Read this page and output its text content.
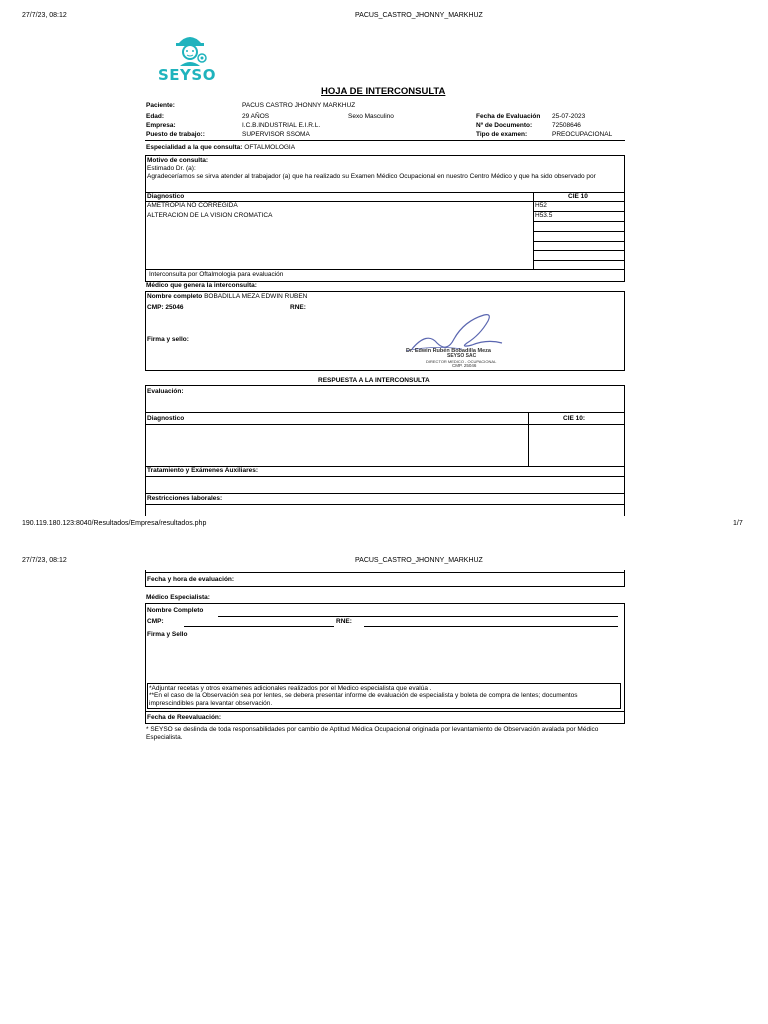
27/7/23, 08:12	PACUS_CASTRO_JHONNY_MARKHUZ
SEYSO
HOJA DE INTERCONSULTA
Paciente:	PACUS CASTRO JHONNY MARKHUZ
Edad:	29 AÑOS	Sexo Masculino	Fecha de Evaluación 25-07-2023
Empresa:	I.C.B.INDUSTRIAL E.I.R.L.	Nº de Documento:	72508646
Puesto de trabajo::	SUPERVISOR SSOMA	Tipo de examen:	PREOCUPACIONAL
Especialidad a la que consulta: OFTALMOLOGIA
Motivo de consulta:
Estimado Dr. (a):
Agradeceríamos se sirva atender al trabajador (a) que ha realizado su Examen Médico Ocupacional en nuestro Centro Médico y que ha sido observado por
Diagnostico	CIE 10
AMETROPIA NO CORREGIDA	H52
ALTERACION DE LA VISION CROMATICA	H53.5
Interconsulta por Oftalmologia para evaluación
Médico que genera la interconsulta:
Nombre completo BOBADILLA MEZA EDWIN RUBEN
CMP: 25046	RNE:
Firma y sello:
Dr. Edwin Rubén Bobadilla Meza
SEYSO SAC
DIRECTOR MEDICO - OCUPACIONAL
CMP. 25046
RESPUESTA A LA INTERCONSULTA
Evaluación:
Diagnostico	CIE 10:
Tratamiento y Exámenes Auxiliares:
Restricciones laborales:
190.119.180.123:8040/Resultados/Empresa/resultados.php	1/7
27/7/23, 08:12	PACUS_CASTRO_JHONNY_MARKHUZ
Fecha y hora de evaluación:
Médico Especialista:
Nombre Completo
CMP:	RNE:
Firma y Sello
*Adjuntar recetas y otros examenes adicionales realizados por el Medico especialista que evalúa .
**En el caso de la Observación sea por lentes, se debera presentar informe de evaluación de especialista y boleta de compra de lentes; documentos imprescindibles para levantar observación.
Fecha de Reevaluación:
* SEYSO se deslinda de toda responsabilidades por cambio de Aptitud Médica Ocupacional originada por levantamiento de Observación avalada por Médico Especialista.
